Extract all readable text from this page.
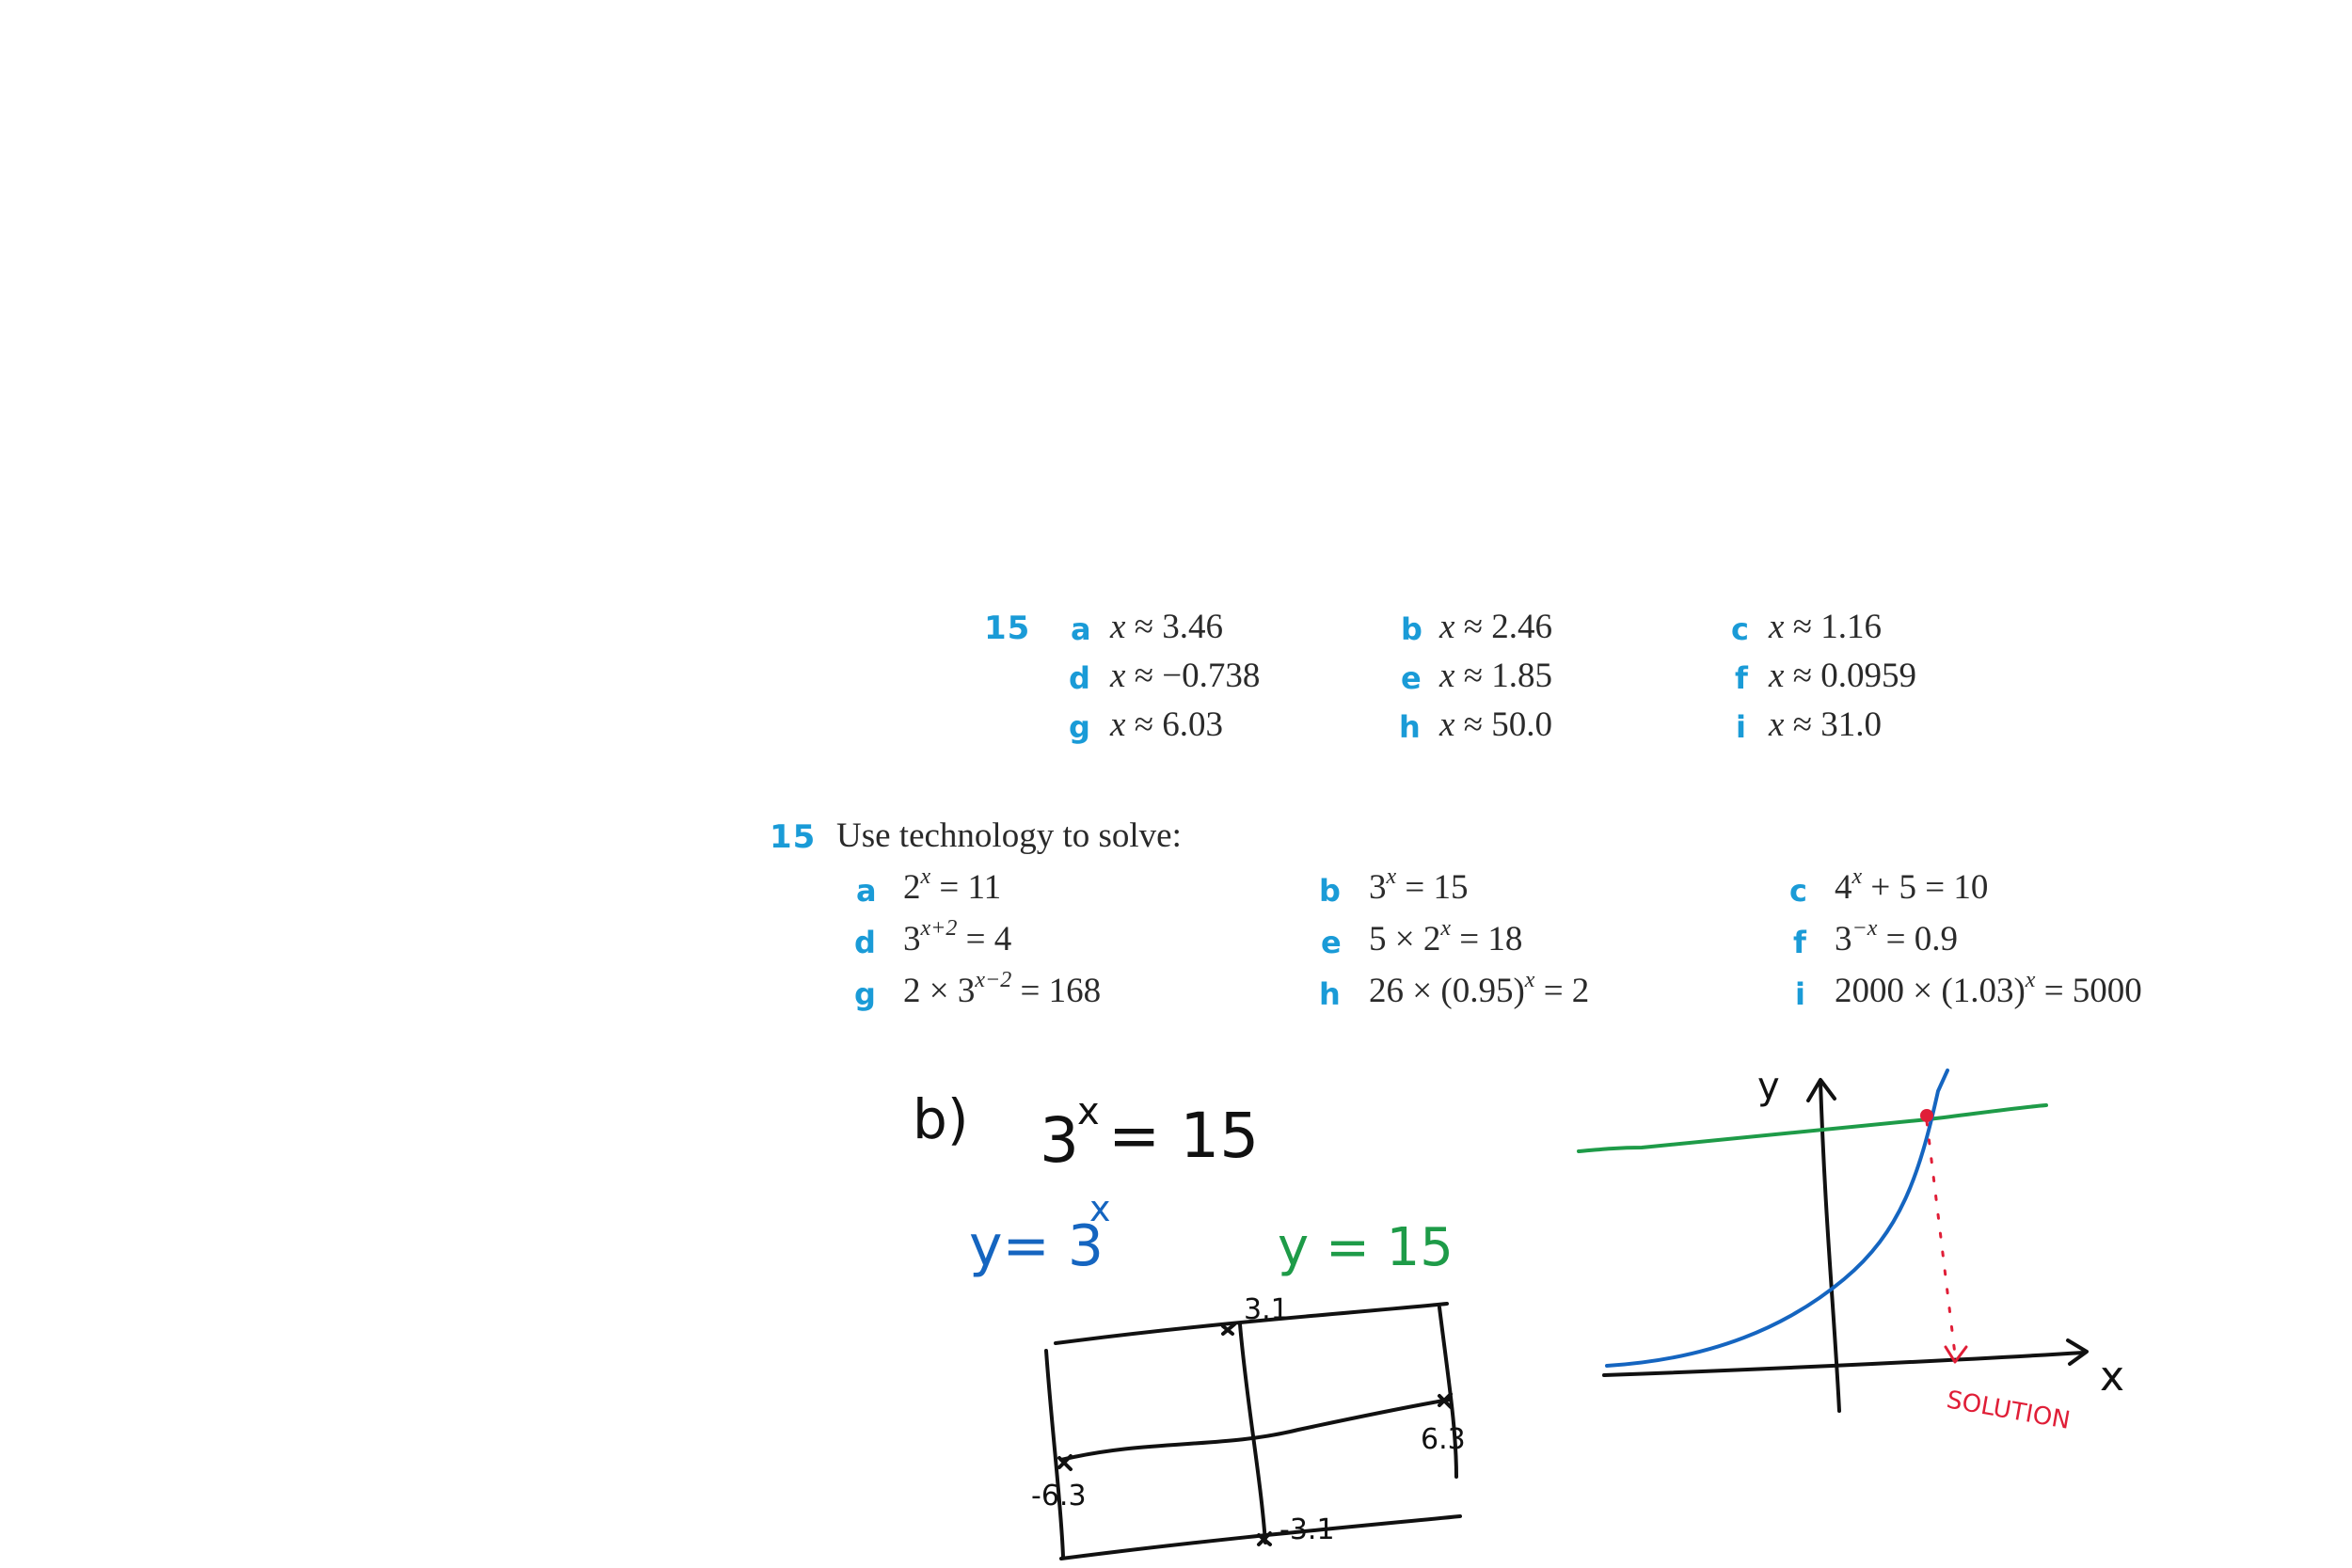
15 a x ≈ 3.46	b x ≈ 2.46	c x ≈ 1.16
d x ≈ −0.738	e x ≈ 1.85	f x ≈ 0.0959
g x ≈ 6.03	h x ≈ 50.0	i x ≈ 31.0
15 Use technology to solve:
a $2^x = 11$	b $3^x = 15$	c $4^x + 5 = 10$
d $3^{x+2} = 4$	e $5 \times 2^x = 18$	f $3^{-x} = 0.9$
g $2 \times 3^{x-2} = 168$	h $26 \times (0.95)^x = 2$	i $2000 \times (1.03)^x = 5000$
b) 3
x = 15
y= 3
x
y = 15
3.1
-6.3
6.3
-3.1
y
x
SOLUTION
